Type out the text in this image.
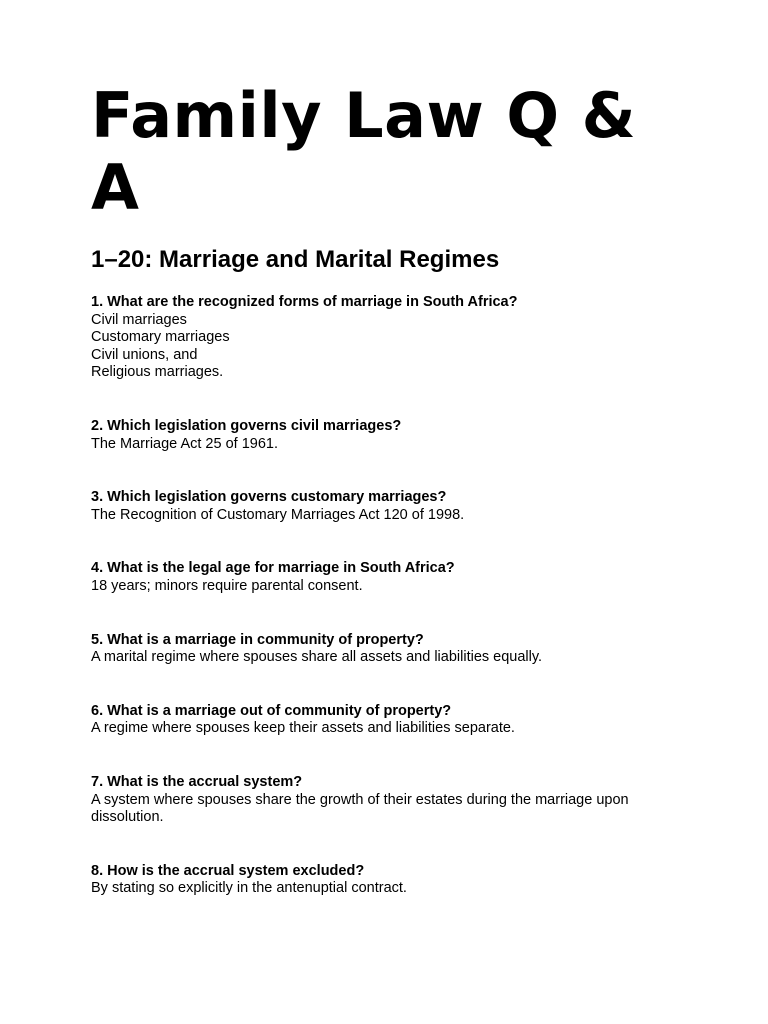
Family Law Q & A
1–20: Marriage and Marital Regimes

1. What are the recognized forms of marriage in South Africa?

Civil marriages

Customary marriages

Civil unions, and

Religious marriages.

2. Which legislation governs civil marriages?

The Marriage Act 25 of 1961.

3. Which legislation governs customary marriages?

The Recognition of Customary Marriages Act 120 of 1998.

4. What is the legal age for marriage in South Africa?

18 years; minors require parental consent.

5. What is a marriage in community of property?

A marital regime where spouses share all assets and liabilities equally.

6. What is a marriage out of community of property?

A regime where spouses keep their assets and liabilities separate.

7. What is the accrual system?

A system where spouses share the growth of their estates during the marriage upon dissolution.

8. How is the accrual system excluded?

By stating so explicitly in the antenuptial contract.
